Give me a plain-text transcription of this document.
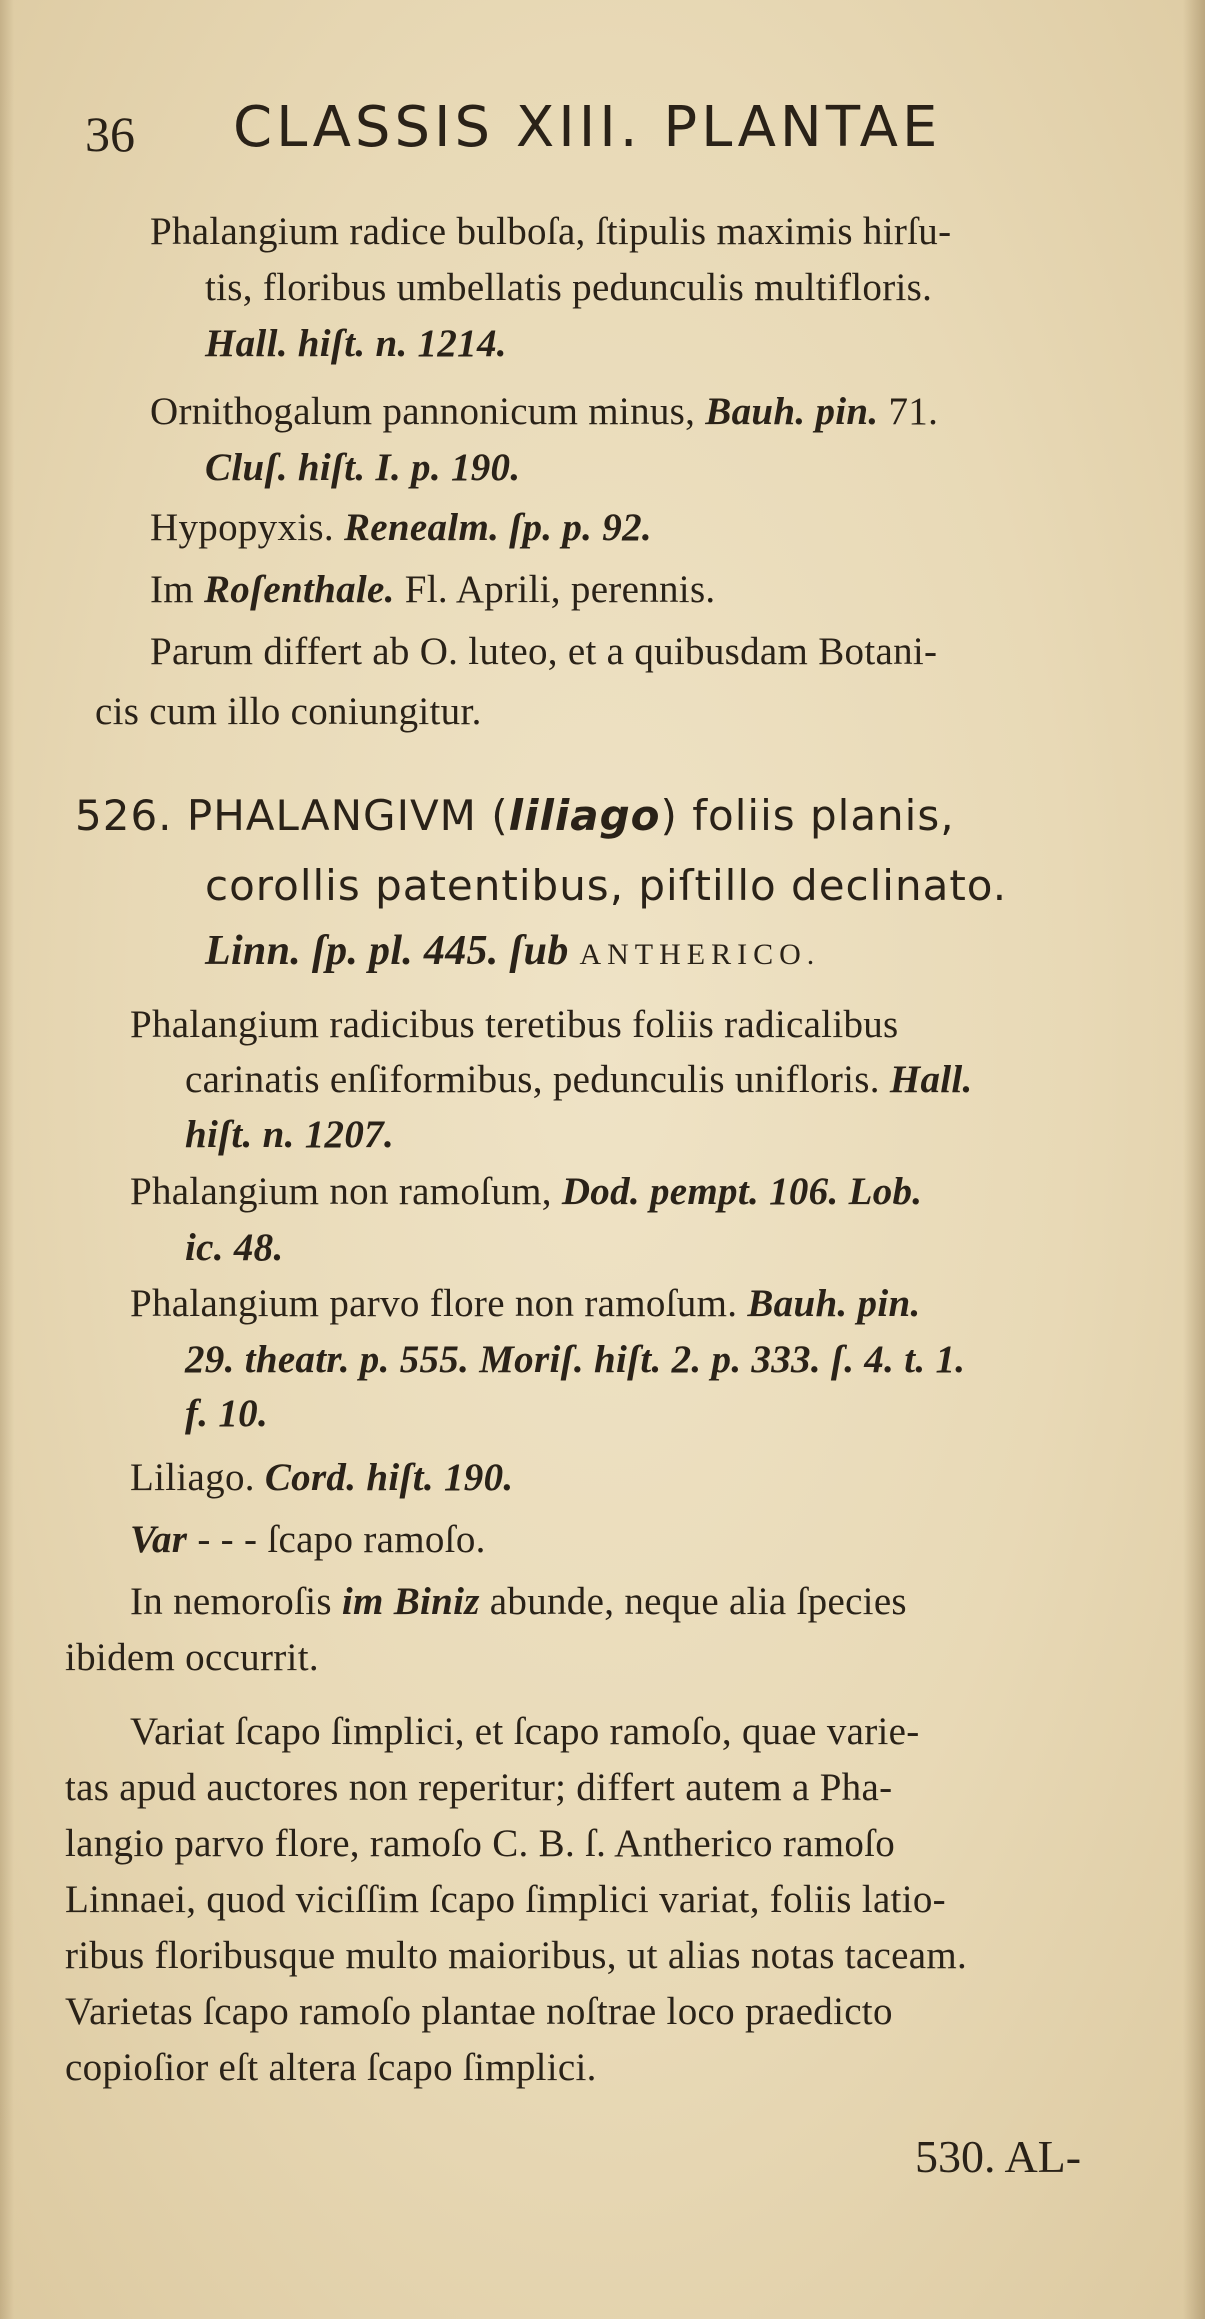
36 CLASSIS XIII. PLANTAE
Phalangium radice bulboſa, ſtipulis maximis hirſu-
tis, floribus umbellatis pedunculis multifloris.
Hall. hiſt. n. 1214.
Ornithogalum pannonicum minus, Bauh. pin. 71.
Cluſ. hiſt. I. p. 190.
Hypopyxis. Renealm. ſp. p. 92.
Im Roſenthale. Fl. Aprili, perennis.
Parum differt ab O. luteo, et a quibusdam Botani-
cis cum illo coniungitur.
526. PHALANGIVM (liliago) foliis planis,
corollis patentibus, piſtillo declinato.
Linn. ſp. pl. 445. ſub ANTHERICO.
Phalangium radicibus teretibus foliis radicalibus
carinatis enſiformibus, pedunculis unifloris. Hall.
hiſt. n. 1207.
Phalangium non ramoſum, Dod. pempt. 106. Lob.
ic. 48.
Phalangium parvo flore non ramoſum. Bauh. pin.
29. theatr. p. 555. Moriſ. hiſt. 2. p. 333. ſ. 4. t. 1.
f. 10.
Liliago. Cord. hiſt. 190.
Var - - - ſcapo ramoſo.
In nemoroſis im Biniz abunde, neque alia ſpecies
ibidem occurrit.
Variat ſcapo ſimplici, et ſcapo ramoſo, quae varie-
tas apud auctores non reperitur; differt autem a Pha-
langio parvo flore, ramoſo C. B. ſ. Antherico ramoſo
Linnaei, quod viciſſim ſcapo ſimplici variat, foliis latio-
ribus floribusque multo maioribus, ut alias notas taceam.
Varietas ſcapo ramoſo plantae noſtrae loco praedicto
copioſior eſt altera ſcapo ſimplici.
530. AL-
